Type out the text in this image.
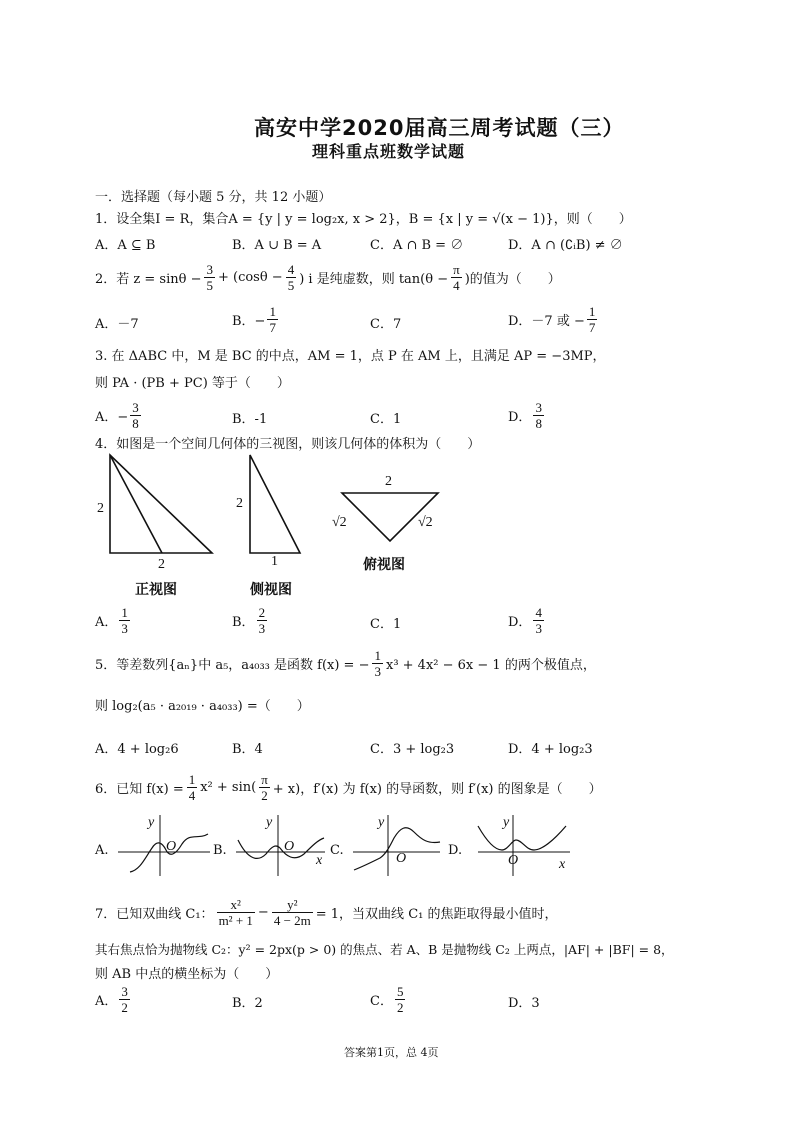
高安中学2020届高三周考试题（三）
理科重点班数学试题
一．选择题（每小题 5 分，共 12 小题）
1．设全集I = R，集合A = {y | y = log₂x, x > 2}，B = {x | y = √(x − 1)}，则（　　）
A．A ⊆ B	B．A ∪ B = A	C．A ∩ B = ∅	D．A ∩ (∁ᵢB) ≠ ∅
2．若 $z = \sin\theta - \frac{3}{5} + (\cos\theta - \frac{4}{5}$ ) i 是纯虚数，则 $\tan(\theta - \frac{\pi}{4}$ )的值为（　　）
A．－7	B．− $\frac{1}{7}$	C．7	D．－7 或 − $\frac{1}{7}$
3. 在 ΔABC 中，M 是 BC 的中点，AM = 1，点 P 在 AM 上，且满足 AP = −3MP，
则 PA · (PB + PC) 等于（　　）
A．− $\frac{3}{8}$	B．-1	C．1	D． $\frac{3}{8}$
4．如图是一个空间几何体的三视图，则该几何体的体积为（　　）
2
2
2
1
2
√2	√2
俯视图
正视图	侧视图
A． $\frac{1}{3}$	B． $\frac{2}{3}$	C．1	D． $\frac{4}{3}$
5．等差数列{aₙ}中 a₅，a₄₀₃₃ 是函数 f(x) = − $\frac{1}{3} x^3 + 4x^2 - 6x - 1$ 的两个极值点，
则 log₂(a₅ · a₂₀₁₉ · a₄₀₃₃) =（　　）
A．4 + log₂6	B．4	C．3 + log₂3	D．4 + log₂3
6．已知 $f(x) = \frac{1}{4} x^2 + \sin( \frac{\pi}{2} + x)$，f′(x) 为 f(x) 的导函数，则 f′(x) 的图象是（　　）
A.	B.	C.	D.
y
O
y
O
x
y
O
y
O	x
7．已知双曲线 C₁： $\frac{\text{x²}}{\text{m² + 1}} - \frac{\text{y²}}{4 - 2m} = 1$，当双曲线 C₁ 的焦距取得最小值时，
其右焦点恰为抛物线 C₂：y² = 2px(p > 0) 的焦点、若 A、B 是抛物线 C₂ 上两点，|AF| + |BF| = 8，
则 AB 中点的横坐标为（　　）
A． $\frac{3}{2}$	B．2	C． $\frac{5}{2}$	D．3
答案第1页，总 4页
